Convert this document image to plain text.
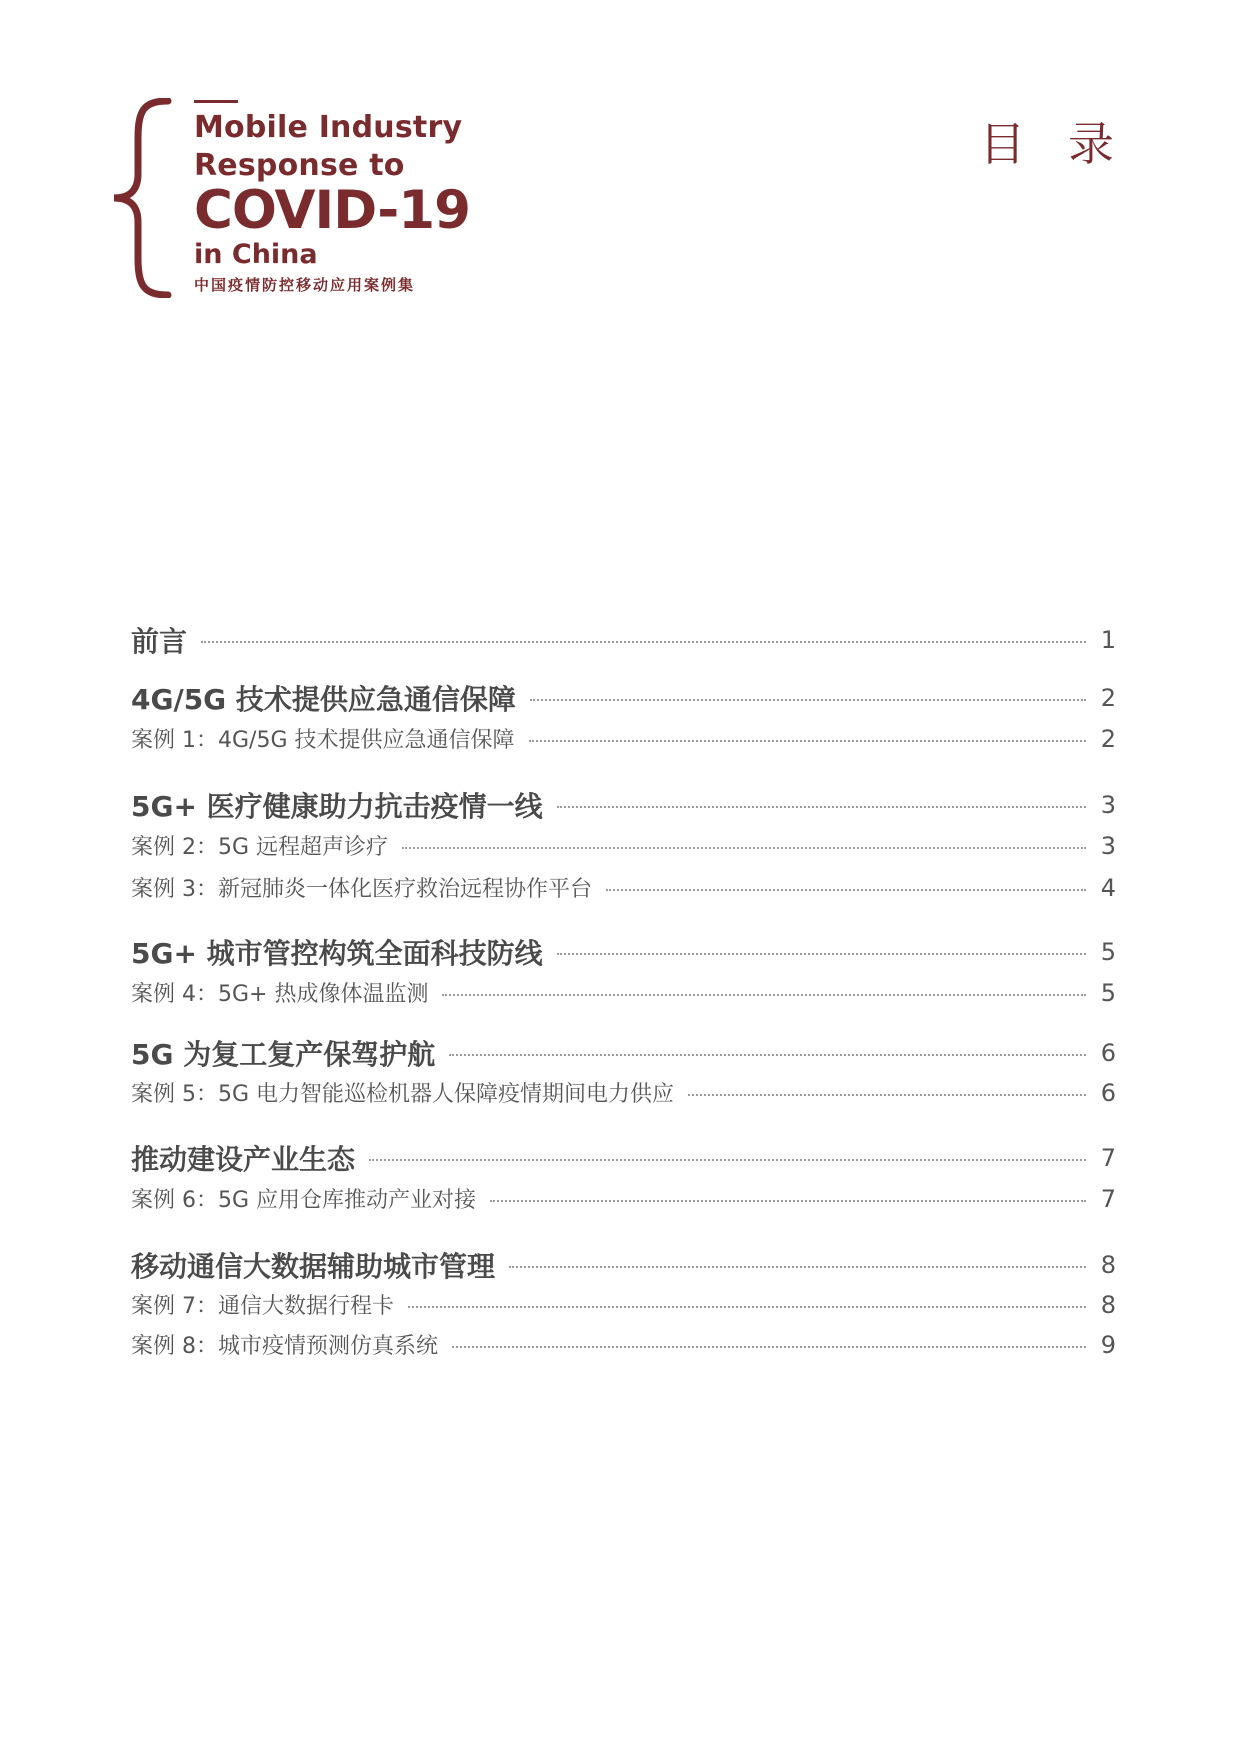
Mobile Industry
Response to
COVID-19
in China
中国疫情防控移动应用案例集
目 录
前言	1
4G/5G 技术提供应急通信保障	2
案例 1：4G/5G 技术提供应急通信保障	2
5G+ 医疗健康助力抗击疫情一线	3
案例 2：5G 远程超声诊疗	3
案例 3：新冠肺炎一体化医疗救治远程协作平台	4
5G+ 城市管控构筑全面科技防线	5
案例 4：5G+ 热成像体温监测	5
5G 为复工复产保驾护航	6
案例 5：5G 电力智能巡检机器人保障疫情期间电力供应	6
推动建设产业生态	7
案例 6：5G 应用仓库推动产业对接	7
移动通信大数据辅助城市管理	8
案例 7：通信大数据行程卡	8
案例 8：城市疫情预测仿真系统	9
